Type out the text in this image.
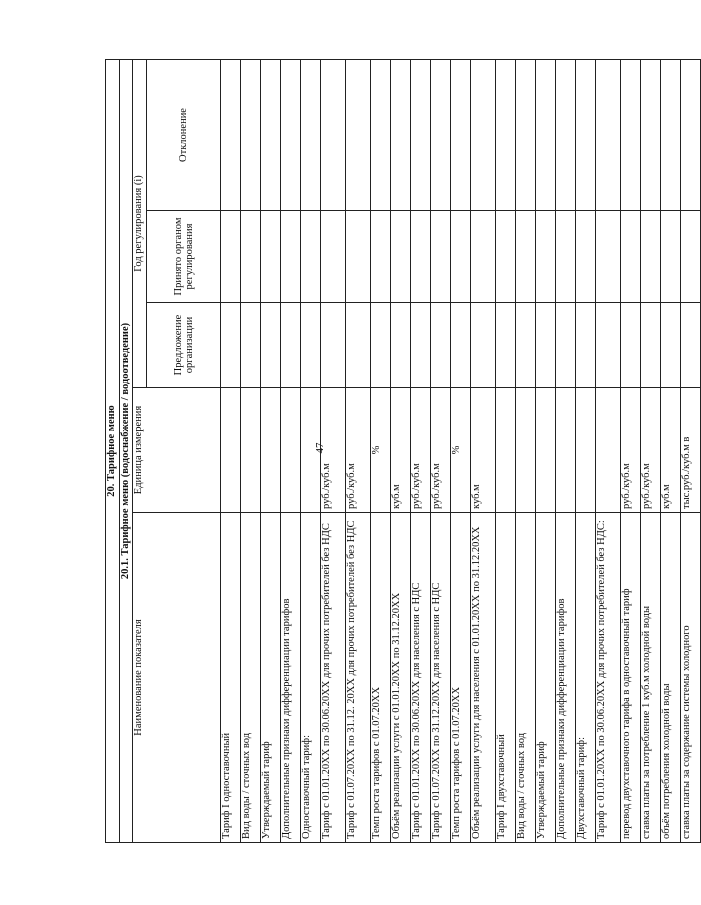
47
20. Тарифное меню				
20.1. Тарифное меню (водоснабжение / водоотведение)				
Наименование показателя	Единица измерения	Год регулирования (i)		
		Предложение организации	Принято органом регулирования	Отклонение
Тариф I одноставочный				
Вид воды / сточных вод				
Утверждаемый тариф				
Дополнительные признаки дифференциации тарифов				
Одноставочный тариф:				
Тариф с 01.01.20ХХ по 30.06.20ХХ для прочих потребителей без НДС	руб./куб.м			
Тариф с 01.07.20ХХ по 31.12. 20ХХ для прочих потребителей без НДС	руб./куб.м			
Темп роста тарифов с 01.07.20ХХ	%			
Объём реализации услуги с 01.01.20ХХ по 31.12.20ХХ	куб.м			
Тариф с 01.01.20ХХ по 30.06.20ХХ для населения с НДС	руб./куб.м			
Тариф с 01.07.20ХХ по 31.12.20ХХ для населения с НДС	руб./куб.м			
Темп роста тарифов с 01.07.20ХХ	%			
Объём реализации услуги для населения с 01.01.20ХХ по 31.12.20ХХ	куб.м			
Тариф I двухставочный				
Вид воды / сточных вод				
Утверждаемый тариф				
Дополнительные признаки дифференциации тарифов				
Двухставочный тариф:				
Тариф с 01.01.20ХХ по 30.06.20ХХ для прочих потребителей без НДС:				
перевод двухставочного тарифа в одноставочный тариф	руб./куб.м			
ставка платы за потребление 1 куб.м холодной воды	руб./куб.м			
объём потребления холодной воды	куб.м			
ставка платы за содержание системы холодного	тыс.руб./куб.м в			
